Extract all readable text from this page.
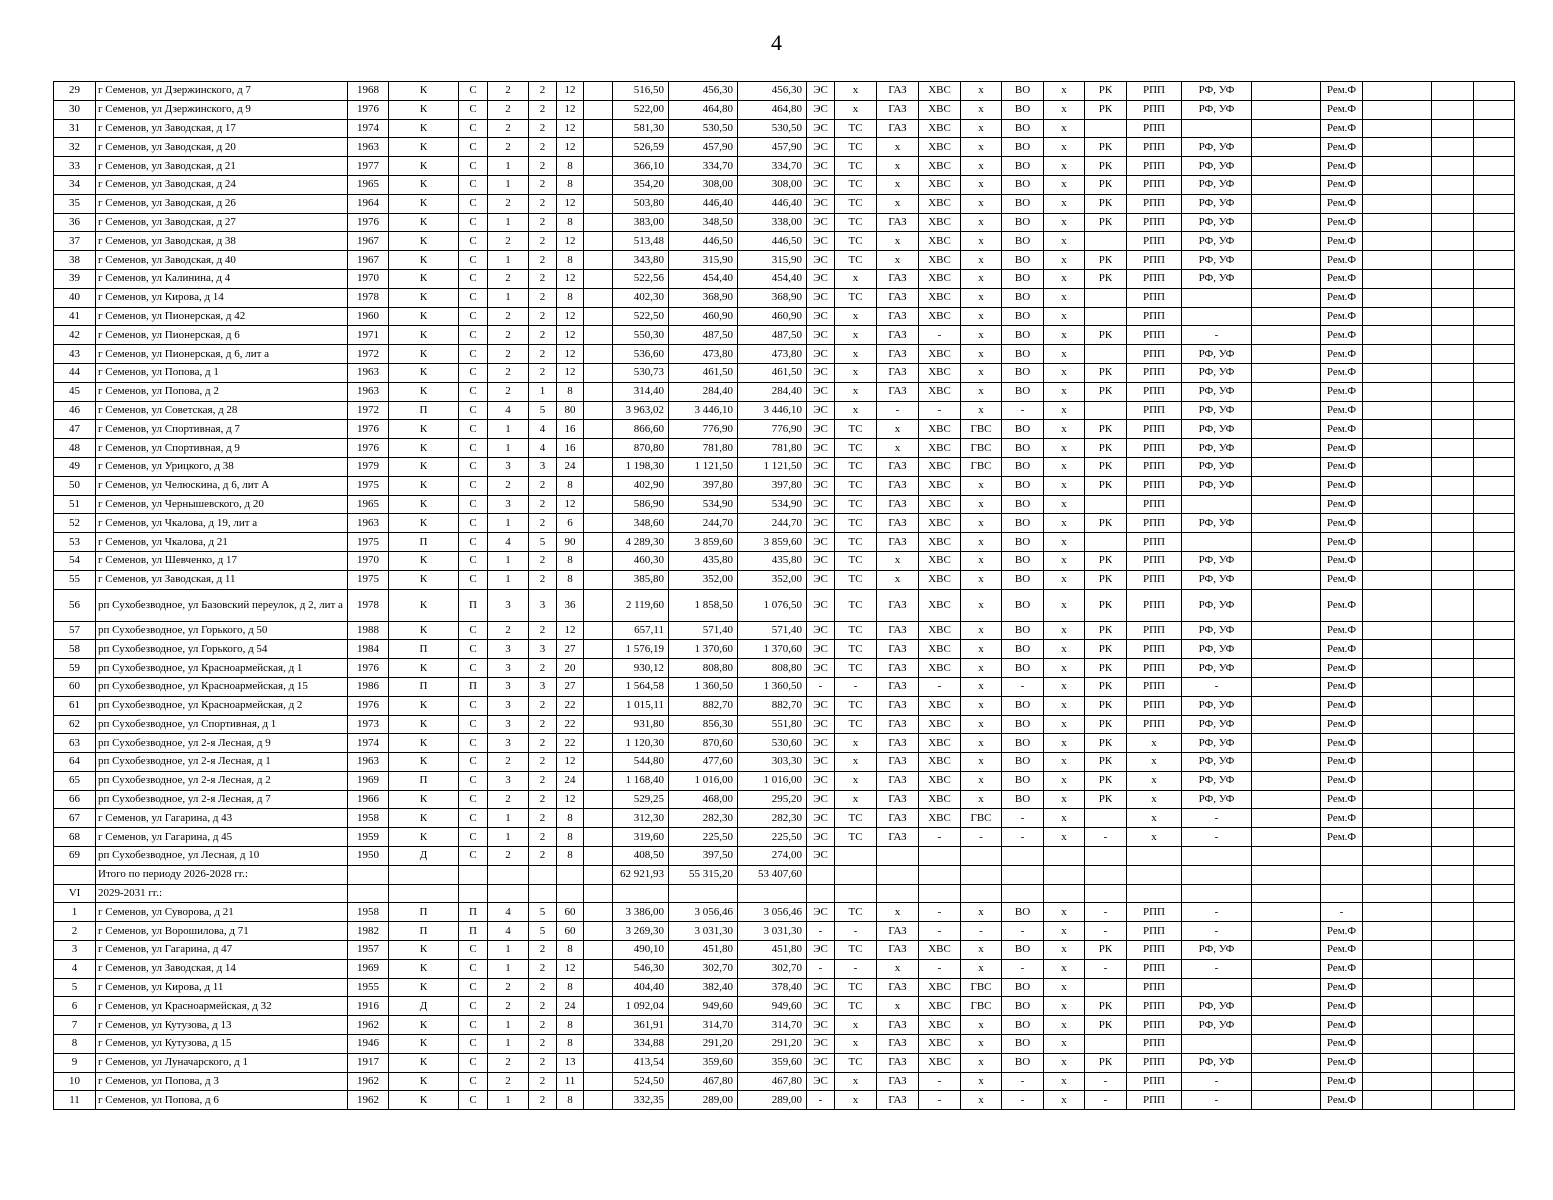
4
29	г Семенов, ул Дзержинского, д 7	1968	К	С	2	2	12		516,50	456,30	456,30	ЭС	х	ГАЗ	ХВС	х	ВО	х	РК	РПП	РФ, УФ		Рем.Ф			
30	г Семенов, ул Дзержинского, д 9	1976	К	С	2	2	12		522,00	464,80	464,80	ЭС	х	ГАЗ	ХВС	х	ВО	х	РК	РПП	РФ, УФ		Рем.Ф			
31	г Семенов, ул Заводская, д 17	1974	К	С	2	2	12		581,30	530,50	530,50	ЭС	ТС	ГАЗ	ХВС	х	ВО	х		РПП			Рем.Ф			
32	г Семенов, ул Заводская, д 20	1963	К	С	2	2	12		526,59	457,90	457,90	ЭС	ТС	х	ХВС	х	ВО	х	РК	РПП	РФ, УФ		Рем.Ф			
33	г Семенов, ул Заводская, д 21	1977	К	С	1	2	8		366,10	334,70	334,70	ЭС	ТС	х	ХВС	х	ВО	х	РК	РПП	РФ, УФ		Рем.Ф			
34	г Семенов, ул Заводская, д 24	1965	К	С	1	2	8		354,20	308,00	308,00	ЭС	ТС	х	ХВС	х	ВО	х	РК	РПП	РФ, УФ		Рем.Ф			
35	г Семенов, ул Заводская, д 26	1964	К	С	2	2	12		503,80	446,40	446,40	ЭС	ТС	х	ХВС	х	ВО	х	РК	РПП	РФ, УФ		Рем.Ф			
36	г Семенов, ул Заводская, д 27	1976	К	С	1	2	8		383,00	348,50	338,00	ЭС	ТС	ГАЗ	ХВС	х	ВО	х	РК	РПП	РФ, УФ		Рем.Ф			
37	г Семенов, ул Заводская, д 38	1967	К	С	2	2	12		513,48	446,50	446,50	ЭС	ТС	х	ХВС	х	ВО	х		РПП	РФ, УФ		Рем.Ф			
38	г Семенов, ул Заводская, д 40	1967	К	С	1	2	8		343,80	315,90	315,90	ЭС	ТС	х	ХВС	х	ВО	х	РК	РПП	РФ, УФ		Рем.Ф			
39	г Семенов, ул Калинина, д 4	1970	К	С	2	2	12		522,56	454,40	454,40	ЭС	х	ГАЗ	ХВС	х	ВО	х	РК	РПП	РФ, УФ		Рем.Ф			
40	г Семенов, ул Кирова, д 14	1978	К	С	1	2	8		402,30	368,90	368,90	ЭС	ТС	ГАЗ	ХВС	х	ВО	х		РПП			Рем.Ф			
41	г Семенов, ул Пионерская, д 42	1960	К	С	2	2	12		522,50	460,90	460,90	ЭС	х	ГАЗ	ХВС	х	ВО	х		РПП			Рем.Ф			
42	г Семенов, ул Пионерская, д 6	1971	К	С	2	2	12		550,30	487,50	487,50	ЭС	х	ГАЗ	-	х	ВО	х	РК	РПП	-		Рем.Ф			
43	г Семенов, ул Пионерская, д 6, лит а	1972	К	С	2	2	12		536,60	473,80	473,80	ЭС	х	ГАЗ	ХВС	х	ВО	х		РПП	РФ, УФ		Рем.Ф			
44	г Семенов, ул Попова, д 1	1963	К	С	2	2	12		530,73	461,50	461,50	ЭС	х	ГАЗ	ХВС	х	ВО	х	РК	РПП	РФ, УФ		Рем.Ф			
45	г Семенов, ул Попова, д 2	1963	К	С	2	1	8		314,40	284,40	284,40	ЭС	х	ГАЗ	ХВС	х	ВО	х	РК	РПП	РФ, УФ		Рем.Ф			
46	г Семенов, ул Советская, д 28	1972	П	С	4	5	80		3 963,02	3 446,10	3 446,10	ЭС	х	-	-	х	-	х		РПП	РФ, УФ		Рем.Ф			
47	г Семенов, ул Спортивная, д 7	1976	К	С	1	4	16		866,60	776,90	776,90	ЭС	ТС	х	ХВС	ГВС	ВО	х	РК	РПП	РФ, УФ		Рем.Ф			
48	г Семенов, ул Спортивная, д 9	1976	К	С	1	4	16		870,80	781,80	781,80	ЭС	ТС	х	ХВС	ГВС	ВО	х	РК	РПП	РФ, УФ		Рем.Ф			
49	г Семенов, ул Урицкого, д 38	1979	К	С	3	3	24		1 198,30	1 121,50	1 121,50	ЭС	ТС	ГАЗ	ХВС	ГВС	ВО	х	РК	РПП	РФ, УФ		Рем.Ф			
50	г Семенов, ул Челюскина, д 6, лит А	1975	К	С	2	2	8		402,90	397,80	397,80	ЭС	ТС	ГАЗ	ХВС	х	ВО	х	РК	РПП	РФ, УФ		Рем.Ф			
51	г Семенов, ул Чернышевского, д 20	1965	К	С	3	2	12		586,90	534,90	534,90	ЭС	ТС	ГАЗ	ХВС	х	ВО	х		РПП			Рем.Ф			
52	г Семенов, ул Чкалова, д 19, лит а	1963	К	С	1	2	6		348,60	244,70	244,70	ЭС	ТС	ГАЗ	ХВС	х	ВО	х	РК	РПП	РФ, УФ		Рем.Ф			
53	г Семенов, ул Чкалова, д 21	1975	П	С	4	5	90		4 289,30	3 859,60	3 859,60	ЭС	ТС	ГАЗ	ХВС	х	ВО	х		РПП			Рем.Ф			
54	г Семенов, ул Шевченко, д 17	1970	К	С	1	2	8		460,30	435,80	435,80	ЭС	ТС	х	ХВС	х	ВО	х	РК	РПП	РФ, УФ		Рем.Ф			
55	г Семенов, ул Заводская, д 11	1975	К	С	1	2	8		385,80	352,00	352,00	ЭС	ТС	х	ХВС	х	ВО	х	РК	РПП	РФ, УФ		Рем.Ф			
56	рп Сухобезводное, ул Базовский переулок, д 2, лит а	1978	К	П	3	3	36		2 119,60	1 858,50	1 076,50	ЭС	ТС	ГАЗ	ХВС	х	ВО	х	РК	РПП	РФ, УФ		Рем.Ф			
57	рп Сухобезводное, ул Горького, д 50	1988	К	С	2	2	12		657,11	571,40	571,40	ЭС	ТС	ГАЗ	ХВС	х	ВО	х	РК	РПП	РФ, УФ		Рем.Ф			
58	рп Сухобезводное, ул Горького, д 54	1984	П	С	3	3	27		1 576,19	1 370,60	1 370,60	ЭС	ТС	ГАЗ	ХВС	х	ВО	х	РК	РПП	РФ, УФ		Рем.Ф			
59	рп Сухобезводное, ул Красноармейская, д 1	1976	К	С	3	2	20		930,12	808,80	808,80	ЭС	ТС	ГАЗ	ХВС	х	ВО	х	РК	РПП	РФ, УФ		Рем.Ф			
60	рп Сухобезводное, ул Красноармейская, д 15	1986	П	П	3	3	27		1 564,58	1 360,50	1 360,50	-	-	ГАЗ	-	х	-	х	РК	РПП	-		Рем.Ф			
61	рп Сухобезводное, ул Красноармейская, д 2	1976	К	С	3	2	22		1 015,11	882,70	882,70	ЭС	ТС	ГАЗ	ХВС	х	ВО	х	РК	РПП	РФ, УФ		Рем.Ф			
62	рп Сухобезводное, ул Спортивная, д 1	1973	К	С	3	2	22		931,80	856,30	551,80	ЭС	ТС	ГАЗ	ХВС	х	ВО	х	РК	РПП	РФ, УФ		Рем.Ф			
63	рп Сухобезводное, ул 2-я Лесная, д 9	1974	К	С	3	2	22		1 120,30	870,60	530,60	ЭС	х	ГАЗ	ХВС	х	ВО	х	РК	х	РФ, УФ		Рем.Ф			
64	рп Сухобезводное, ул 2-я Лесная, д 1	1963	К	С	2	2	12		544,80	477,60	303,30	ЭС	х	ГАЗ	ХВС	х	ВО	х	РК	х	РФ, УФ		Рем.Ф			
65	рп Сухобезводное, ул 2-я Лесная, д 2	1969	П	С	3	2	24		1 168,40	1 016,00	1 016,00	ЭС	х	ГАЗ	ХВС	х	ВО	х	РК	х	РФ, УФ		Рем.Ф			
66	рп Сухобезводное, ул 2-я Лесная, д 7	1966	К	С	2	2	12		529,25	468,00	295,20	ЭС	х	ГАЗ	ХВС	х	ВО	х	РК	х	РФ, УФ		Рем.Ф			
67	г Семенов, ул Гагарина, д 43	1958	К	С	1	2	8		312,30	282,30	282,30	ЭС	ТС	ГАЗ	ХВС	ГВС	-	х		х	-		Рем.Ф			
68	г Семенов, ул Гагарина, д 45	1959	К	С	1	2	8		319,60	225,50	225,50	ЭС	ТС	ГАЗ	-	-	-	х	-	х	-		Рем.Ф			
69	рп Сухобезводное, ул Лесная, д 10	1950	Д	С	2	2	8		408,50	397,50	274,00	ЭС														
	Итого по периоду 2026-2028 гг.:								62 921,93	55 315,20	53 407,60															
VI	2029-2031 гг.:																									
1	г Семенов, ул Суворова, д 21	1958	П	П	4	5	60		3 386,00	3 056,46	3 056,46	ЭС	ТС	х	-	х	ВО	х	-	РПП	-		-			
2	г Семенов, ул Ворошилова, д 71	1982	П	П	4	5	60		3 269,30	3 031,30	3 031,30	-	-	ГАЗ	-	-	-	х	-	РПП	-		Рем.Ф			
3	г Семенов, ул Гагарина, д 47	1957	К	С	1	2	8		490,10	451,80	451,80	ЭС	ТС	ГАЗ	ХВС	х	ВО	х	РК	РПП	РФ, УФ		Рем.Ф			
4	г Семенов, ул Заводская, д 14	1969	К	С	1	2	12		546,30	302,70	302,70	-	-	х	-	х	-	х	-	РПП	-		Рем.Ф			
5	г Семенов, ул Кирова, д 11	1955	К	С	2	2	8		404,40	382,40	378,40	ЭС	ТС	ГАЗ	ХВС	ГВС	ВО	х		РПП			Рем.Ф			
6	г Семенов, ул Красноармейская, д 32	1916	Д	С	2	2	24		1 092,04	949,60	949,60	ЭС	ТС	х	ХВС	ГВС	ВО	х	РК	РПП	РФ, УФ		Рем.Ф			
7	г Семенов, ул Кутузова, д 13	1962	К	С	1	2	8		361,91	314,70	314,70	ЭС	х	ГАЗ	ХВС	х	ВО	х	РК	РПП	РФ, УФ		Рем.Ф			
8	г Семенов, ул Кутузова, д 15	1946	К	С	1	2	8		334,88	291,20	291,20	ЭС	х	ГАЗ	ХВС	х	ВО	х		РПП			Рем.Ф			
9	г Семенов, ул Луначарского, д 1	1917	К	С	2	2	13		413,54	359,60	359,60	ЭС	ТС	ГАЗ	ХВС	х	ВО	х	РК	РПП	РФ, УФ		Рем.Ф			
10	г Семенов, ул Попова, д 3	1962	К	С	2	2	11		524,50	467,80	467,80	ЭС	х	ГАЗ	-	х	-	х	-	РПП	-		Рем.Ф			
11	г Семенов, ул Попова, д 6	1962	К	С	1	2	8		332,35	289,00	289,00	-	х	ГАЗ	-	х	-	х	-	РПП	-		Рем.Ф			
